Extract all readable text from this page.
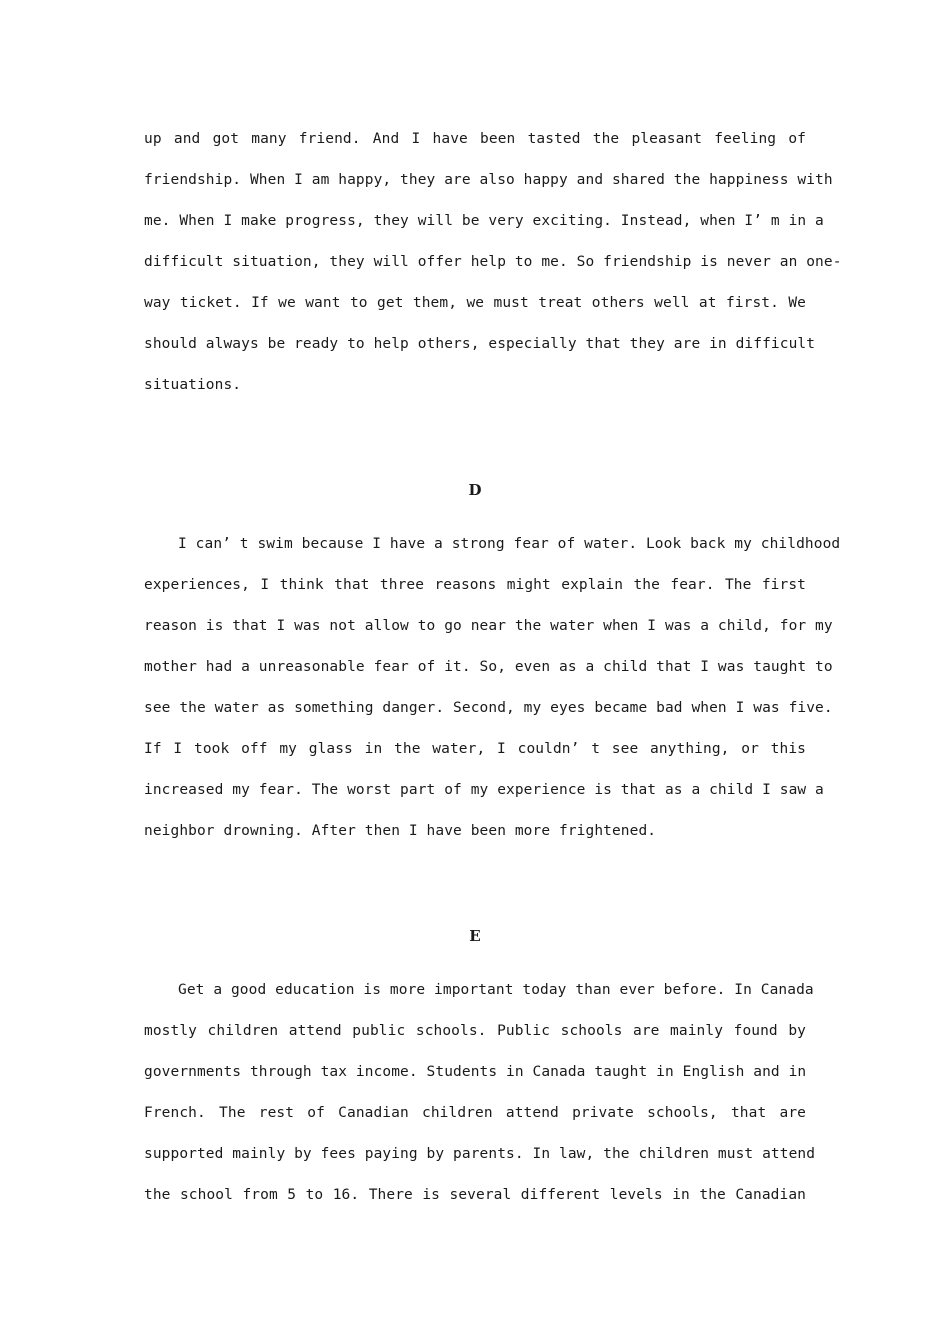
up and got many friend. And I have been tasted the pleasant feeling of
friendship. When I am happy, they are also happy and shared the happiness with
me. When I make progress, they will be very exciting. Instead, when I’ m in a
difficult situation, they will offer help to me. So friendship is never an one-
way ticket. If we want to get them, we must treat others well at first. We
should always be ready to help others, especially that they are in difficult
situations.
D
I can’ t swim because I have a strong fear of water. Look back my childhood
experiences, I think that three reasons might explain the fear. The first
reason is that I was not allow to go near the water when I was a child, for my
mother had a unreasonable fear of it. So, even as a child that I was taught to
see the water as something danger. Second, my eyes became bad when I was five.
If I took off my glass in the water, I couldn’ t see anything, or this
increased my fear. The worst part of my experience is that as a child I saw a
neighbor drowning. After then I have been more frightened.
E
Get a good education is more important today than ever before. In Canada
mostly children attend public schools. Public schools are mainly found by
governments through tax income. Students in Canada taught in English and in
French. The rest of Canadian children attend private schools, that are
supported mainly by fees paying by parents. In law, the children must attend
the school from 5 to 16. There is several different levels in the Canadian
